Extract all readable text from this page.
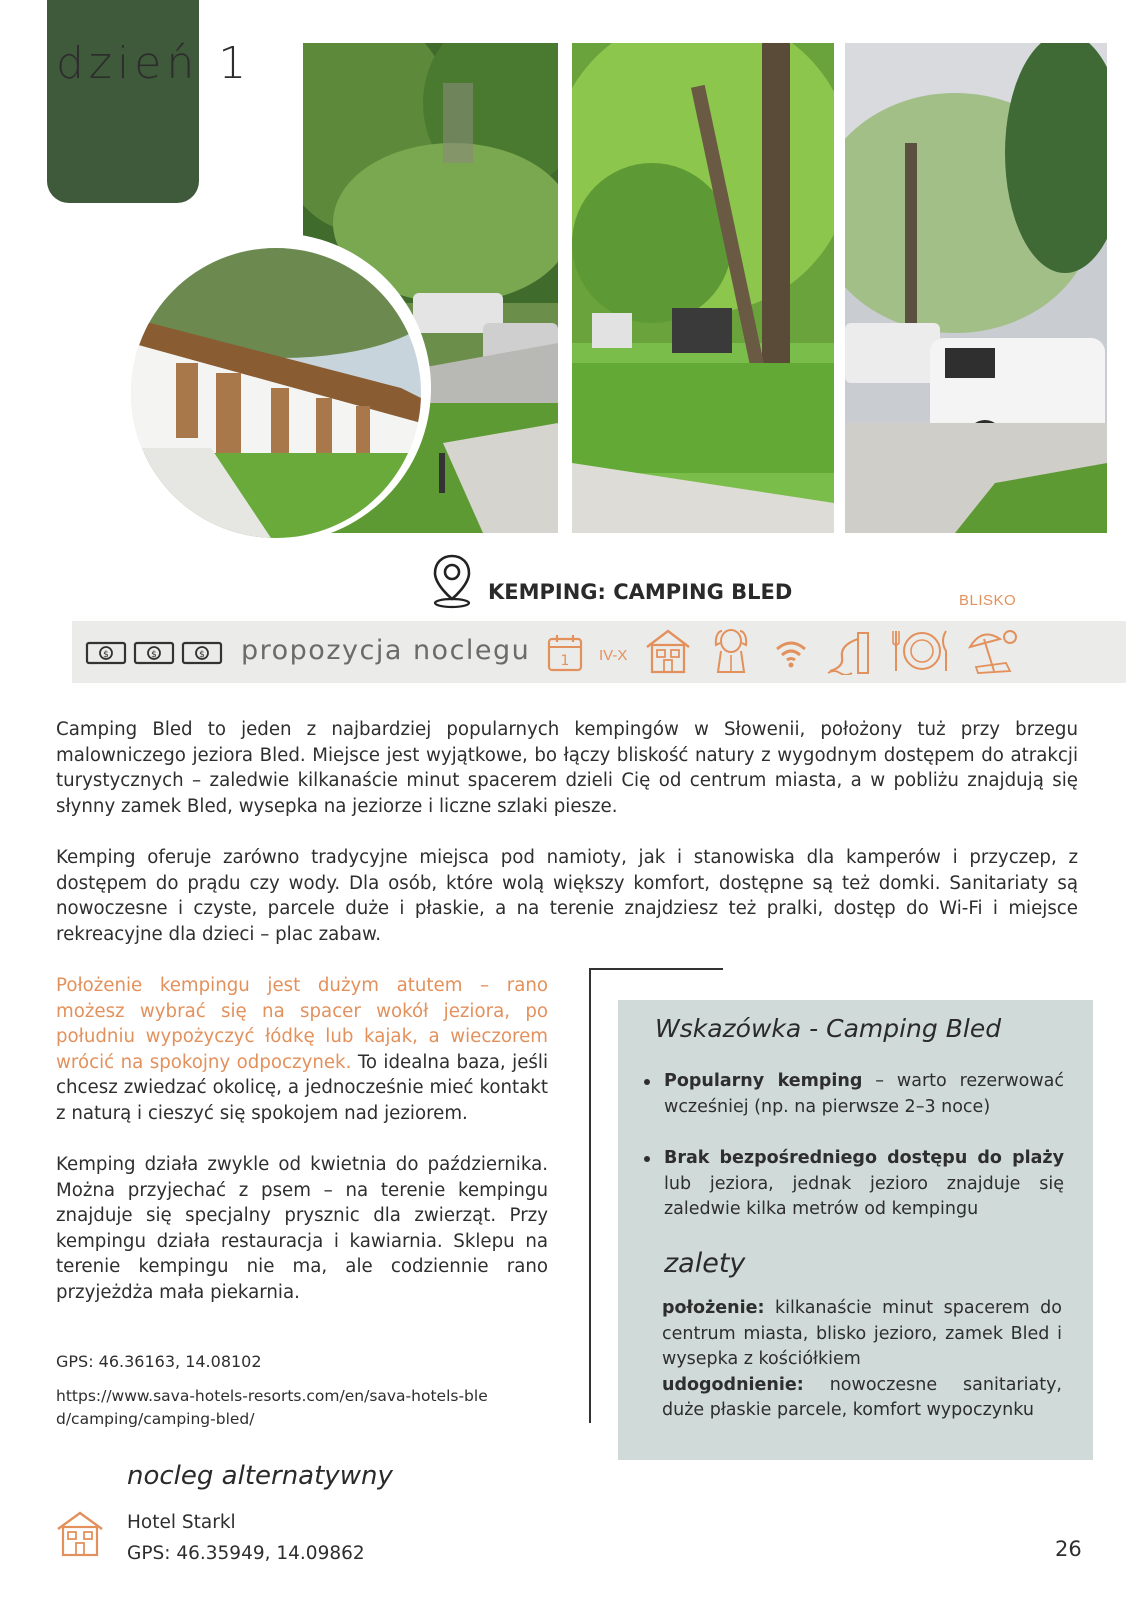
dzień 1
KEMPING: CAMPING BLED	BLISKO
$	$	$ propozycja noclegu 1 IV-X
Camping Bled to jeden z najbardziej popularnych kempingów w Słowenii, położony tuż przy brzegu malowniczego jeziora Bled. Miejsce jest wyjątkowe, bo łączy bliskość natury z wygodnym dostępem do atrakcji turystycznych – zaledwie kilkanaście minut spacerem dzieli Cię od centrum miasta, a w pobliżu znajdują się słynny zamek Bled, wysepka na jeziorze i liczne szlaki piesze.
Kemping oferuje zarówno tradycyjne miejsca pod namioty, jak i stanowiska dla kamperów i przyczep, z dostępem do prądu czy wody. Dla osób, które wolą większy komfort, dostępne są też domki. Sanitariaty są nowoczesne i czyste, parcele duże i płaskie, a na terenie znajdziesz też pralki, dostęp do Wi-Fi i miejsce rekreacyjne dla dzieci – plac zabaw.
Położenie kempingu jest dużym atutem – rano możesz wybrać się na spacer wokół jeziora, po południu wypożyczyć łódkę lub kajak, a wieczorem wrócić na spokojny odpoczynek. To idealna baza, jeśli chcesz zwiedzać okolicę, a jednocześnie mieć kontakt z naturą i cieszyć się spokojem nad jeziorem.
Kemping działa zwykle od kwietnia do października. Można przyjechać z psem – na terenie kempingu znajduje się specjalny prysznic dla zwierząt. Przy kempingu działa restauracja i kawiarnia. Sklepu na terenie kempingu nie ma, ale codziennie rano przyjeżdża mała piekarnia.
GPS: 46.36163, 14.08102
https://www.sava-hotels-resorts.com/en/sava-hotels-bled/camping/camping-bled/
Wskazówka - Camping Bled
Popularny kemping – warto rezerwować wcześniej (np. na pierwsze 2–3 noce)
Brak bezpośredniego dostępu do plaży lub jeziora, jednak jezioro znajduje się zaledwie kilka metrów od kempingu
zalety
położenie: kilkanaście minut spacerem do centrum miasta, blisko jezioro, zamek Bled i wysepka z kościółkiem
udogodnienie: nowoczesne sanitariaty, duże płaskie parcele, komfort wypoczynku
nocleg alternatywny
Hotel Starkl
GPS: 46.35949, 14.09862	26
